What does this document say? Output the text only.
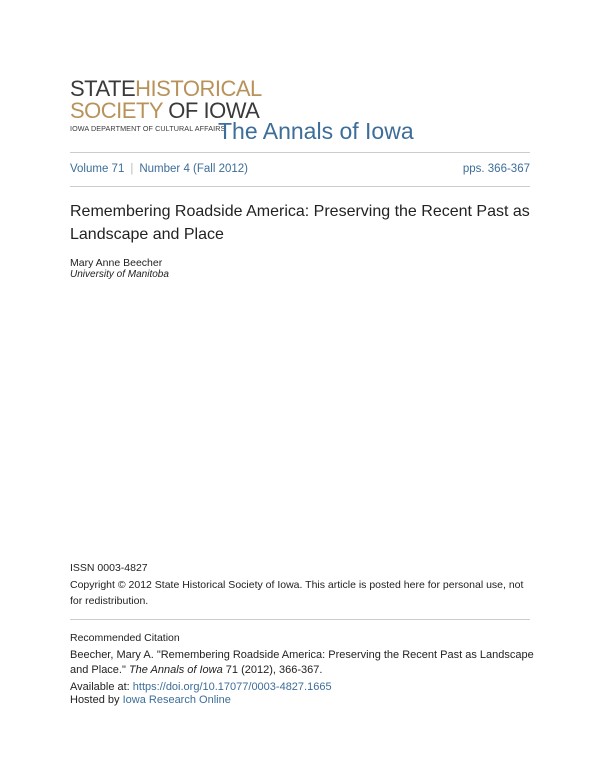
STATEHISTORICAL
SOCIETY OF IOWA
IOWA DEPARTMENT OF CULTURAL AFFAIRS
The Annals of Iowa
Volume 71 | Number 4 (Fall 2012)	pps. 366-367
Remembering Roadside America: Preserving the Recent Past as Landscape and Place
Mary Anne Beecher
University of Manitoba
ISSN 0003-4827
Copyright © 2012 State Historical Society of Iowa. This article is posted here for personal use, not for redistribution.
Recommended Citation
Beecher, Mary A. "Remembering Roadside America: Preserving the Recent Past as Landscape and Place." The Annals of Iowa 71 (2012), 366-367.
Available at: https://doi.org/10.17077/0003-4827.1665
Hosted by Iowa Research Online
